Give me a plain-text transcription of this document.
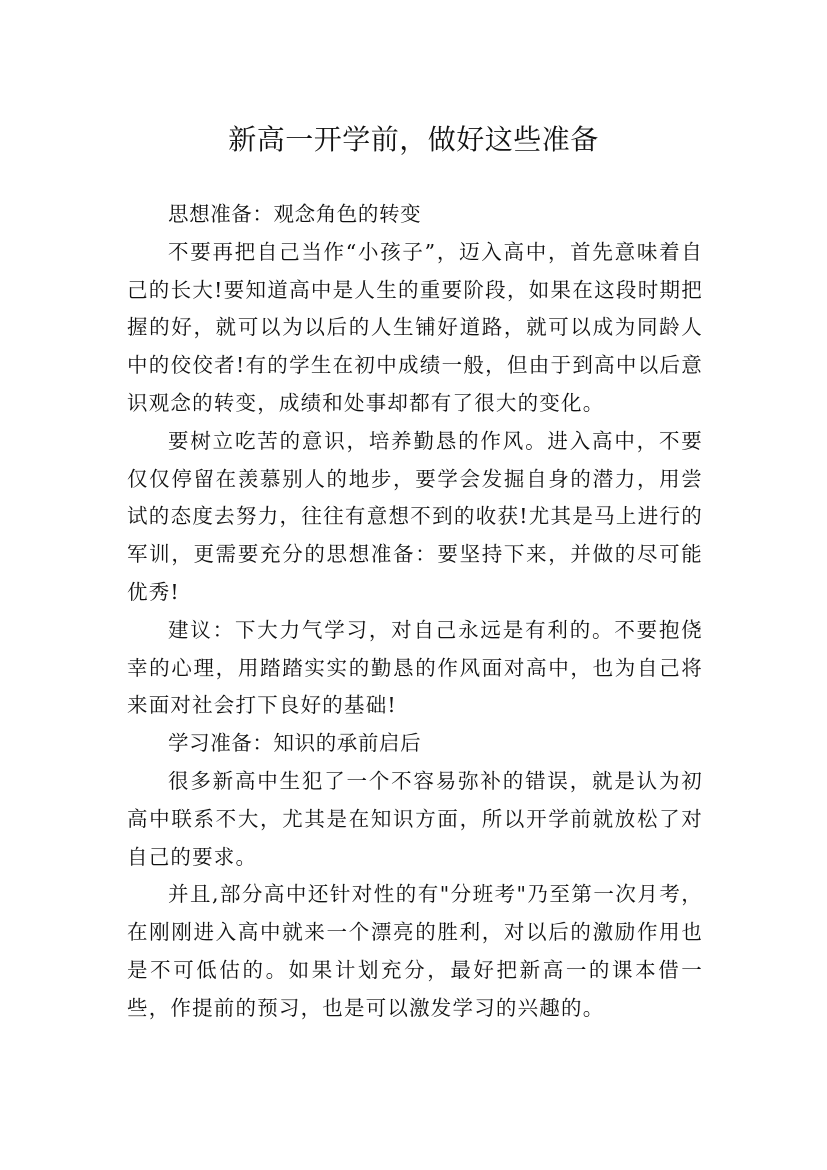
新高一开学前，做好这些准备

思想准备：观念角色的转变

不要再把自己当作“小孩子”，迈入高中，首先意味着自己的长大!要知道高中是人生的重要阶段，如果在这段时期把握的好，就可以为以后的人生铺好道路，就可以成为同龄人中的佼佼者!有的学生在初中成绩一般，但由于到高中以后意识观念的转变，成绩和处事却都有了很大的变化。

要树立吃苦的意识，培养勤恳的作风。进入高中，不要仅仅停留在羡慕别人的地步，要学会发掘自身的潜力，用尝试的态度去努力，往往有意想不到的收获!尤其是马上进行的军训，更需要充分的思想准备：要坚持下来，并做的尽可能优秀!

建议：下大力气学习，对自己永远是有利的。不要抱侥幸的心理，用踏踏实实的勤恳的作风面对高中，也为自己将来面对社会打下良好的基础!

学习准备：知识的承前启后

很多新高中生犯了一个不容易弥补的错误，就是认为初高中联系不大，尤其是在知识方面，所以开学前就放松了对自己的要求。

并且,部分高中还针对性的有"分班考"乃至第一次月考，在刚刚进入高中就来一个漂亮的胜利，对以后的激励作用也是不可低估的。如果计划充分，最好把新高一的课本借一些，作提前的预习，也是可以激发学习的兴趣的。
